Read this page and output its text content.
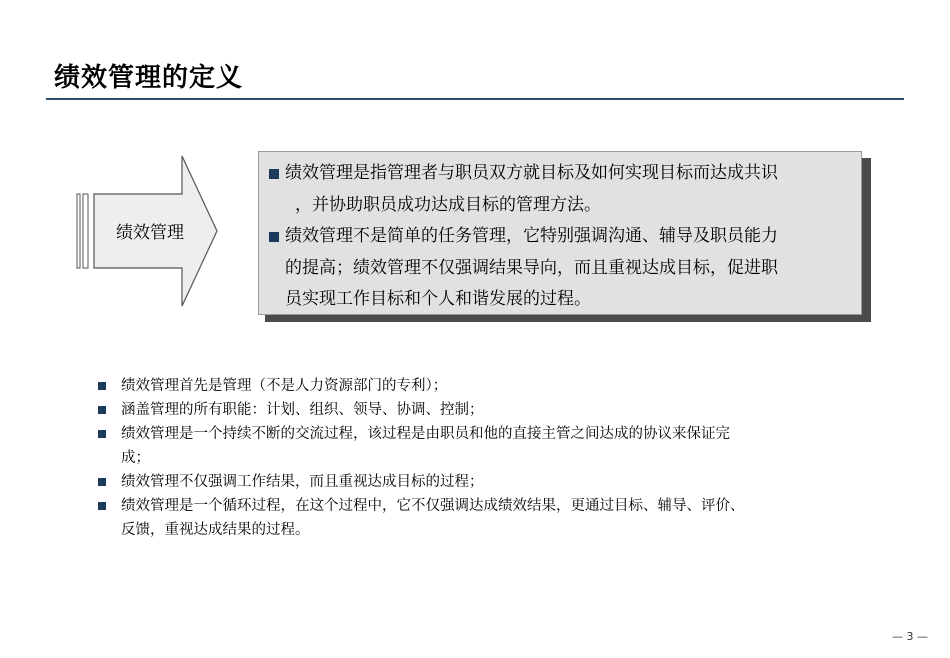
绩效管理的定义
绩效管理
绩效管理是指管理者与职员双方就目标及如何实现目标而达成共识
，并协助职员成功达成目标的管理方法。
绩效管理不是简单的任务管理，它特别强调沟通、辅导及职员能力
的提高；绩效管理不仅强调结果导向，而且重视达成目标，促进职
员实现工作目标和个人和谐发展的过程。
绩效管理首先是管理（不是人力资源部门的专利）；
涵盖管理的所有职能：计划、组织、领导、协调、控制；
绩效管理是一个持续不断的交流过程，该过程是由职员和他的直接主管之间达成的协议来保证完
成；
绩效管理不仅强调工作结果，而且重视达成目标的过程；
绩效管理是一个循环过程，在这个过程中，它不仅强调达成绩效结果，更通过目标、辅导、评价、
反馈，重视达成结果的过程。
— 3 —
